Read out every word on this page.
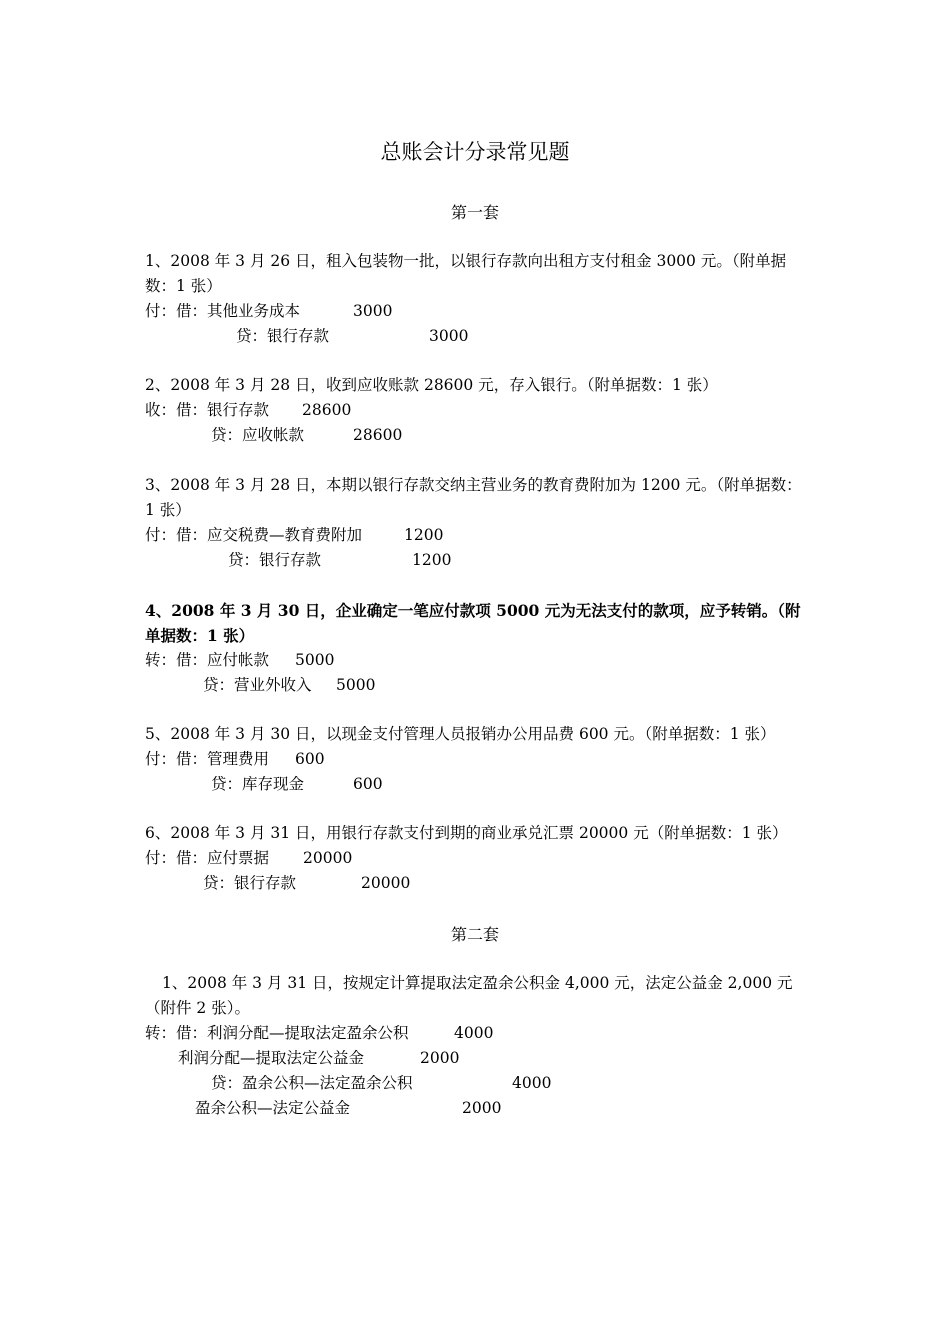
总账会计分录常见题
第一套
1、2008 年 3 月 26 日，租入包装物一批，以银行存款向出租方支付租金 3000 元。（附单据
数：1 张）
付：借：其他业务成本	3000
贷：银行存款	3000
2、2008 年 3 月 28 日，收到应收账款 28600 元，存入银行。（附单据数：1 张）
收：借：银行存款 28600
贷：应收帐款	28600
3、2008 年 3 月 28 日，本期以银行存款交纳主营业务的教育费附加为 1200 元。（附单据数：
1 张）
付：借：应交税费—教育费附加	1200
贷：银行存款	1200
4、2008 年 3 月 30 日，企业确定一笔应付款项 5000 元为无法支付的款项，应予转销。（附
单据数：1 张）
转：借：应付帐款 5000
贷：营业外收入 5000
5、2008 年 3 月 30 日，以现金支付管理人员报销办公用品费 600 元。（附单据数：1 张）
付：借：管理费用 600
贷：库存现金	600
6、2008 年 3 月 31 日，用银行存款支付到期的商业承兑汇票 20000 元（附单据数：1 张）
付：借：应付票据 20000
贷：银行存款	20000
第二套
1、2008 年 3 月 31 日，按规定计算提取法定盈余公积金 4,000 元，法定公益金 2,000 元
（附件 2 张）。
转：借：利润分配—提取法定盈余公积	4000
利润分配—提取法定公益金	2000
贷：盈余公积—法定盈余公积	4000
盈余公积—法定公益金	2000
